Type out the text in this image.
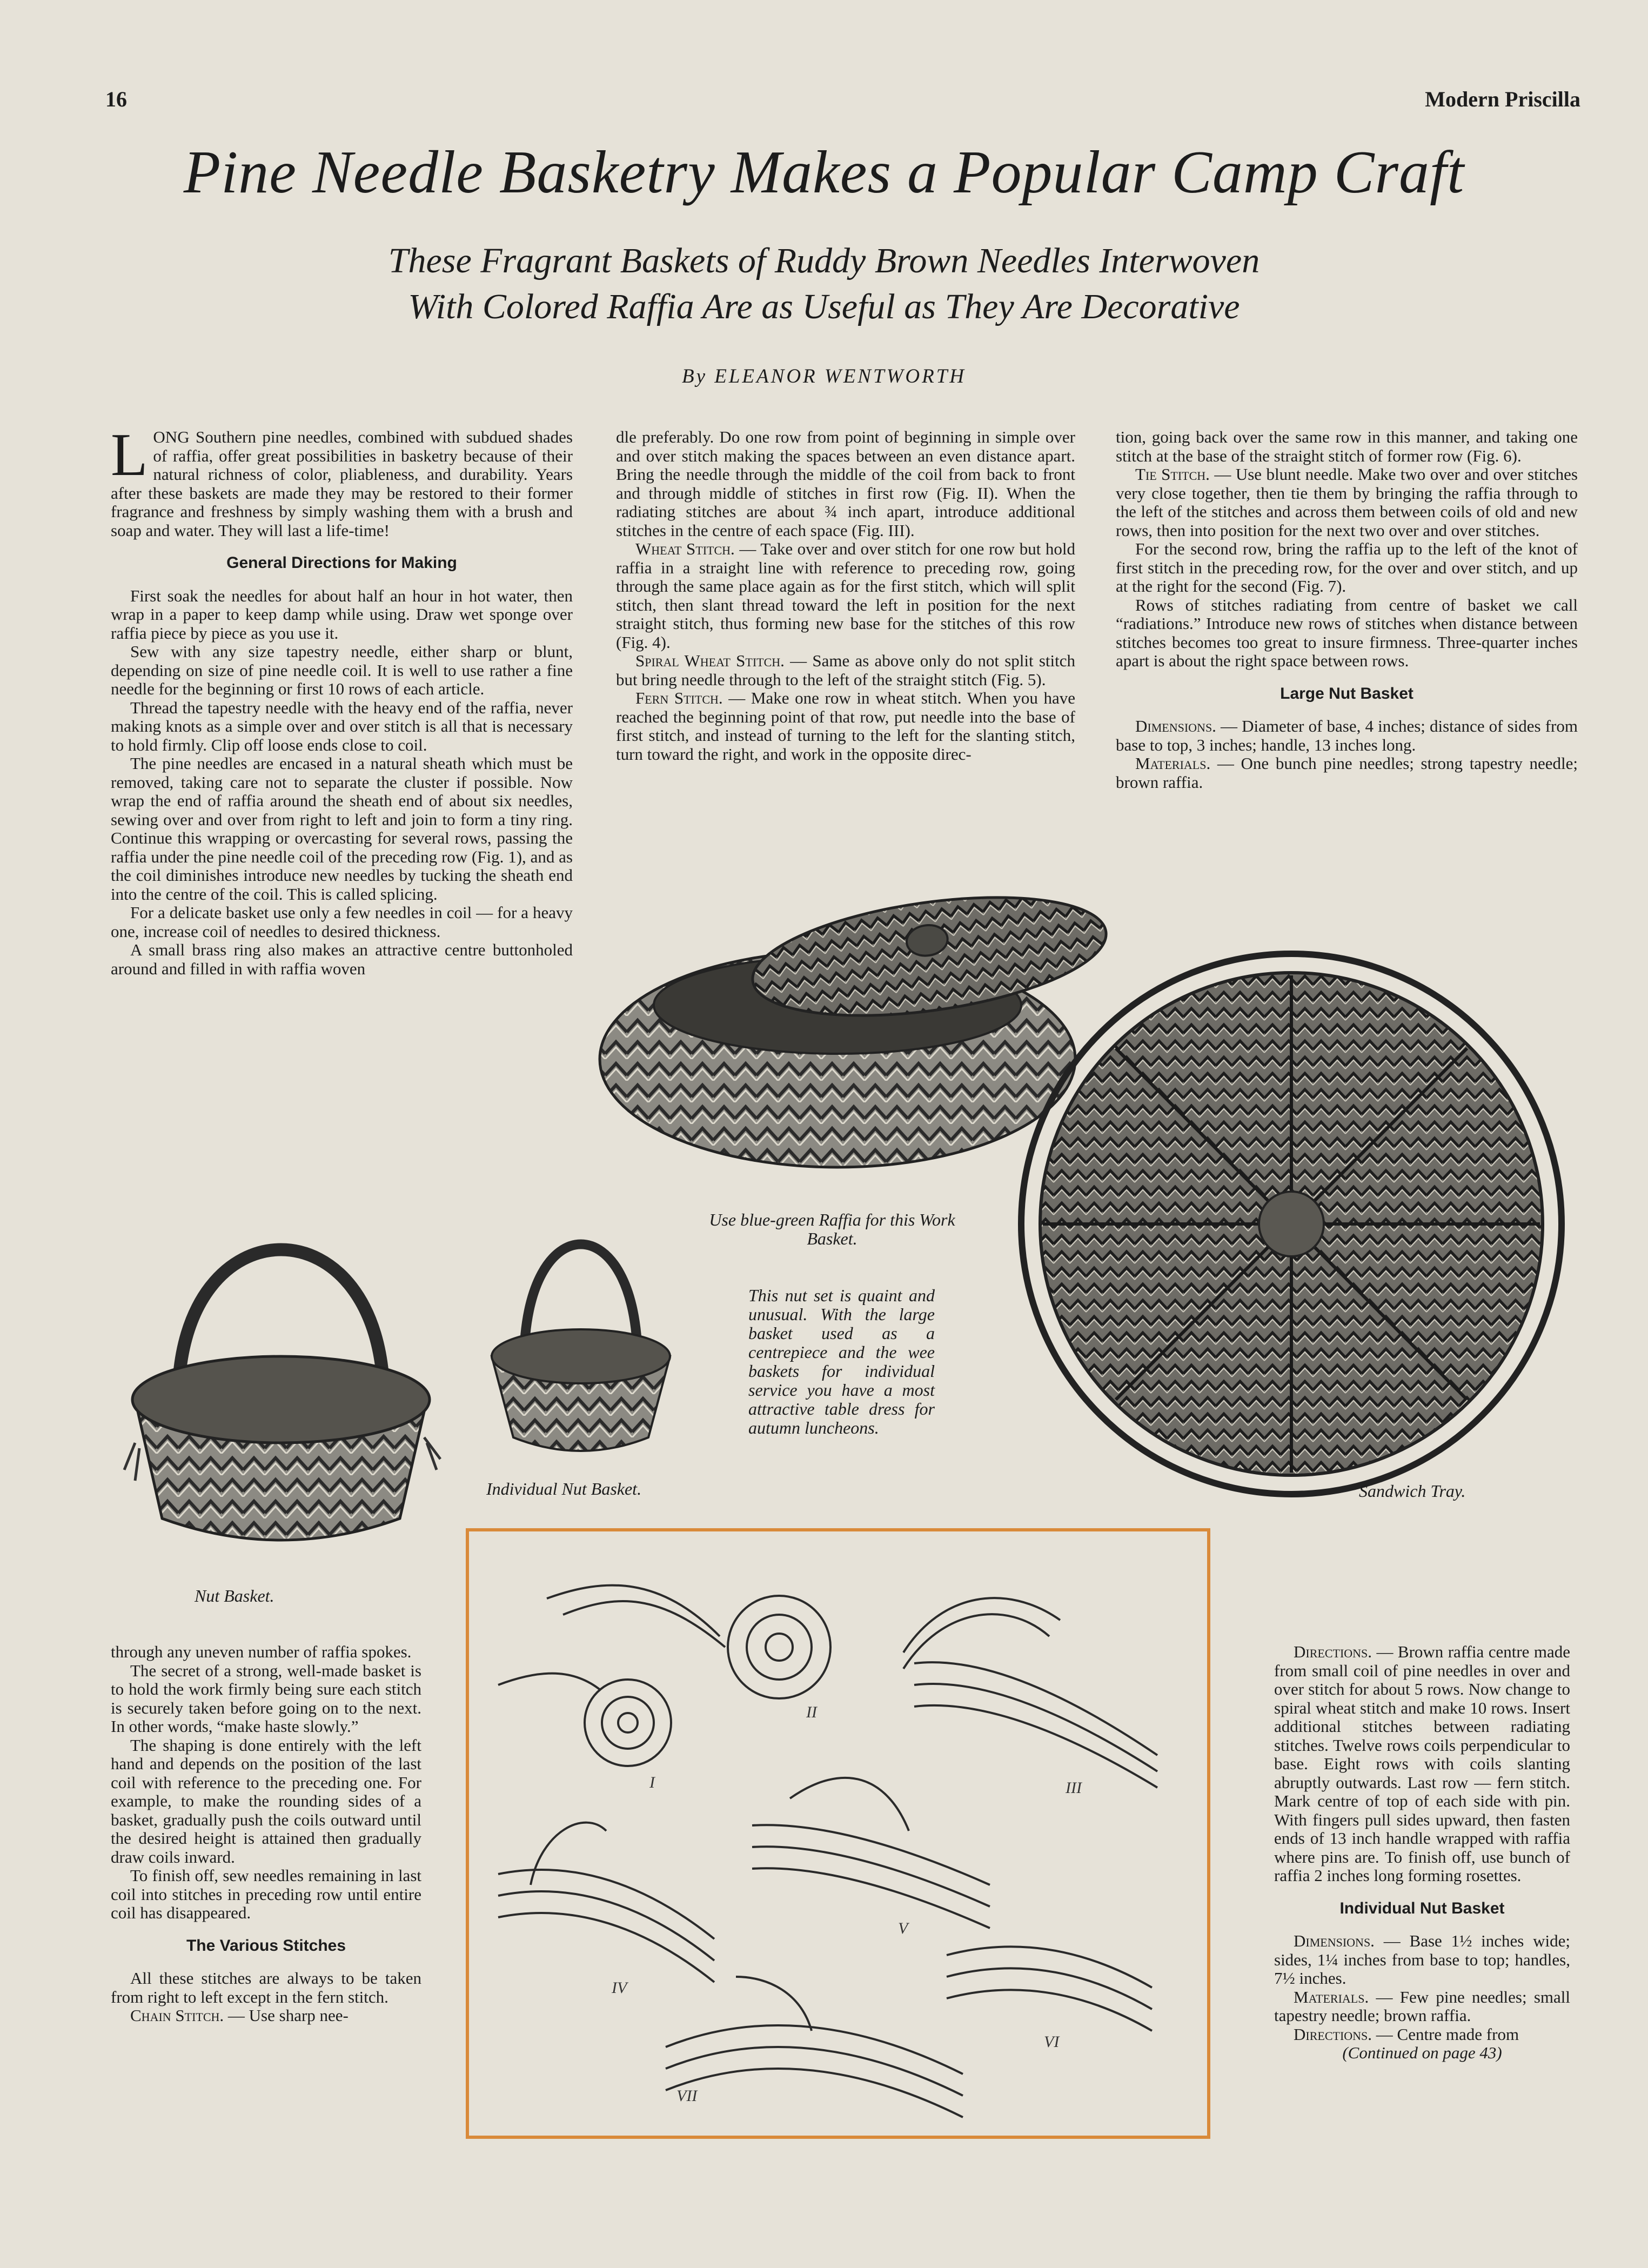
16	Modern Priscilla
Pine Needle Basketry Makes a Popular Camp Craft
These Fragrant Baskets of Ruddy Brown Needles Interwoven
With Colored Raffia Are as Useful as They Are Decorative
By ELEANOR WENTWORTH

LONG Southern pine needles, combined with subdued shades of raffia, offer great possibilities in basketry because of their natural richness of color, pliableness, and durability. Years after these baskets are made they may be restored to their former fragrance and freshness by simply washing them with a brush and soap and water. They will last a life-time!

General Directions for Making

First soak the needles for about half an hour in hot water, then wrap in a paper to keep damp while using. Draw wet sponge over raffia piece by piece as you use it.

Sew with any size tapestry needle, either sharp or blunt, depending on size of pine needle coil. It is well to use rather a fine needle for the beginning or first 10 rows of each article.

Thread the tapestry needle with the heavy end of the raffia, never making knots as a simple over and over stitch is all that is necessary to hold firmly. Clip off loose ends close to coil.

The pine needles are encased in a natural sheath which must be removed, taking care not to separate the cluster if possible. Now wrap the end of raffia around the sheath end of about six needles, sewing over and over from right to left and join to form a tiny ring. Continue this wrapping or overcasting for several rows, passing the raffia under the pine needle coil of the preceding row (Fig. 1), and as the coil diminishes introduce new needles by tucking the sheath end into the centre of the coil. This is called splicing.

For a delicate basket use only a few needles in coil — for a heavy one, increase coil of needles to desired thickness.

A small brass ring also makes an attractive centre buttonholed around and filled in with raffia woven

dle preferably. Do one row from point of beginning in simple over and over stitch making the spaces between an even distance apart. Bring the needle through the middle of the coil from back to front and through middle of stitches in first row (Fig. II). When the radiating stitches are about ¾ inch apart, introduce additional stitches in the centre of each space (Fig. III).

Wheat Stitch. — Take over and over stitch for one row but hold raffia in a straight line with reference to preceding row, going through the same place again as for the first stitch, which will split stitch, then slant thread toward the left in position for the next straight stitch, thus forming new base for the stitches of this row (Fig. 4).

Spiral Wheat Stitch. — Same as above only do not split stitch but bring needle through to the left of the straight stitch (Fig. 5).

Fern Stitch. — Make one row in wheat stitch. When you have reached the beginning point of that row, put needle into the base of first stitch, and instead of turning to the left for the slanting stitch, turn toward the right, and work in the opposite direc-

tion, going back over the same row in this manner, and taking one stitch at the base of the straight stitch of former row (Fig. 6).

Tie Stitch. — Use blunt needle. Make two over and over stitches very close together, then tie them by bringing the raffia through to the left of the stitches and across them between coils of old and new rows, then into position for the next two over and over stitches.

For the second row, bring the raffia up to the left of the knot of first stitch in the preceding row, for the over and over stitch, and up at the right for the second (Fig. 7).

Rows of stitches radiating from centre of basket we call “radiations.” Introduce new rows of stitches when distance between stitches becomes too great to insure firmness. Three-quarter inches apart is about the right space between rows.

Large Nut Basket

Dimensions. — Diameter of base, 4 inches; distance of sides from base to top, 3 inches; handle, 13 inches long.

Materials. — One bunch pine needles; strong tapestry needle; brown raffia.

Use blue-green Raffia for this Work Basket.
This nut set is quaint and unusual. With the large basket used as a centrepiece and the wee baskets for individual service you have a most attractive table dress for autumn luncheons.
Individual Nut Basket.
Nut Basket.
Sandwich Tray.
I
II
III
IV
V
VI
VII

through any uneven number of raffia spokes.

The secret of a strong, well-made basket is to hold the work firmly being sure each stitch is securely taken before going on to the next. In other words, “make haste slowly.”

The shaping is done entirely with the left hand and depends on the position of the last coil with reference to the preceding one. For example, to make the rounding sides of a basket, gradually push the coils outward until the desired height is attained then gradually draw coils inward.

To finish off, sew needles remaining in last coil into stitches in preceding row until entire coil has disappeared.

The Various Stitches

All these stitches are always to be taken from right to left except in the fern stitch.

Chain Stitch. — Use sharp nee-

Directions. — Brown raffia centre made from small coil of pine needles in over and over stitch for about 5 rows. Now change to spiral wheat stitch and make 10 rows. Insert additional stitches between radiating stitches. Twelve rows coils perpendicular to base. Eight rows with coils slanting abruptly outwards. Last row — fern stitch. Mark centre of top of each side with pin. With fingers pull sides upward, then fasten ends of 13 inch handle wrapped with raffia where pins are. To finish off, use bunch of raffia 2 inches long forming rosettes.

Individual Nut Basket

Dimensions. — Base 1½ inches wide; sides, 1¼ inches from base to top; handles, 7½ inches.

Materials. — Few pine needles; small tapestry needle; brown raffia.

Directions. — Centre made from

(Continued on page 43)
